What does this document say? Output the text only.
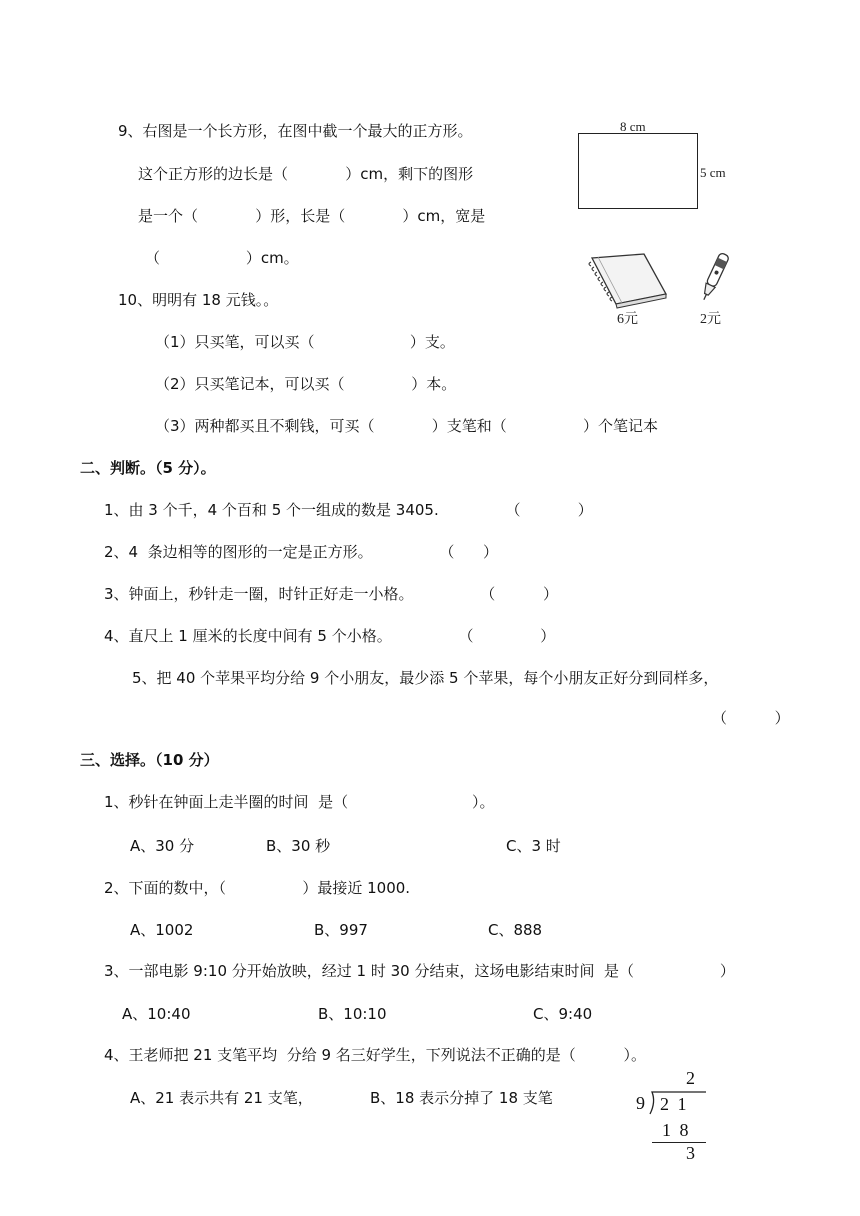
9、右图是一个长方形，在图中截一个最大的正方形。
这个正方形的边长是（            ）cm，剩下的图形
是一个（            ）形，长是（            ）cm，宽是
（                  ）cm。
8 cm
5 cm
6元	2元
10、明明有 18 元钱。。
（1）只买笔，可以买（                    ）支。
（2）只买笔记本，可以买（              ）本。
（3）两种都买且不剩钱，可买（            ）支笔和（                ）个笔记本
二、判断。（5 分）。
1、由 3 个千，4 个百和 5 个一组成的数是 3405.              （            ）
2、4  条边相等的图形的一定是正方形。              （      ）
3、钟面上，秒针走一圈，时针正好走一小格。              （          ）
4、直尺上 1 厘米的长度中间有 5 个小格。              （              ）
5、把 40 个苹果平均分给 9 个小朋友，最少添 5 个苹果，每个小朋友正好分到同样多，
（          ）
三、选择。（10 分）
1、秒针在钟面上走半圈的时间  是（                          ）。
A、30 分	B、30 秒	C、3 时
2、下面的数中，（                ）最接近 1000.
A、1002	B、997	C、888
3、一部电影 9:10 分开始放映，经过 1 时 30 分结束，这场电影结束时间  是（                  ）
A、10:40	B、10:10	C、9:40
4、王老师把 21 支笔平均  分给 9 名三好学生，下列说法不正确的是（          ）。
A、21 表示共有 21 支笔，	B、18 表示分掉了 18 支笔
2
9 2 1
1 8
3
